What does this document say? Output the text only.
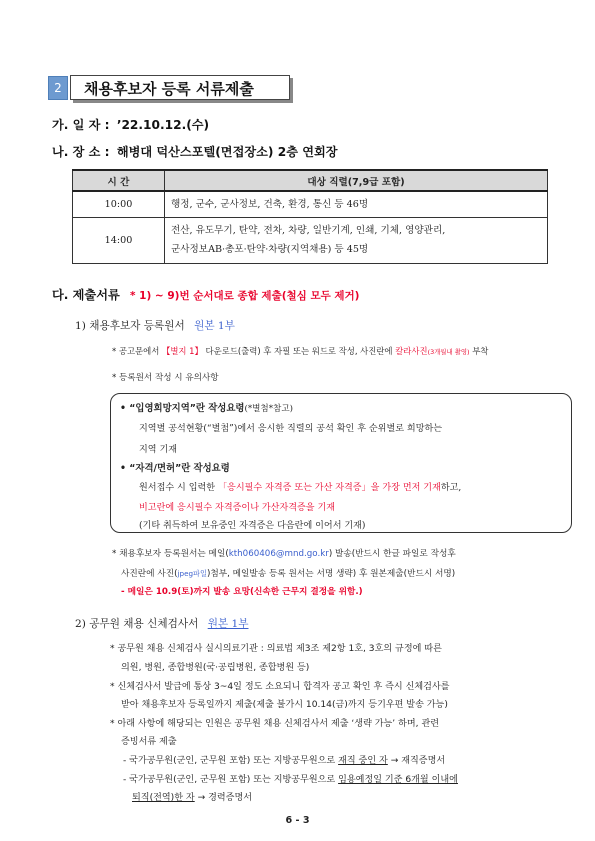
2	채용후보자 등록 서류제출
가. 일 자 : ’22.10.12.(수)
나. 장 소 : 해병대 덕산스포텔(면접장소) 2층 연회장
시 간	대상 직렬(7,9급 포함)
10:00	행정, 군수, 군사정보, 건축, 환경, 통신 등 46명
14:00	전산, 유도무기, 탄약, 전차, 차량, 일반기계, 인쇄, 기체, 영양관리,
군사정보AB·총포·탄약·차량(지역채용) 등 45명
다. 제출서류 * 1) ~ 9)번 순서대로 종합 제출(철심 모두 제거)
1) 채용후보자 등록원서 원본 1부
* 공고문에서 【별지 1】 다운로드(출력) 후 자필 또는 워드로 작성, 사진란에 칼라사진(3개월내 촬영) 부착
* 등록원서 작성 시 유의사항
• “입영희망지역”란 작성요령(*별첨*참고)
지역별 공석현황(“별첨”)에서 응시한 직렬의 공석 확인 후 순위별로 희망하는
지역 기재
• “자격/면허”란 작성요령
원서접수 시 입력한 「응시필수 자격증 또는 가산 자격증」을 가장 먼저 기재하고,
비고란에 응시필수 자격증이나 가산자격증을 기재
(기타 취득하여 보유중인 자격증은 다음란에 이어서 기재)
* 채용후보자 등록원서는 메일(kth060406@mnd.go.kr) 발송(반드시 한글 파일로 작성후
사진란에 사진(jpeg파일)첨부, 메일발송 등록 원서는 서명 생략) 후 원본제출(반드시 서명)
- 메일은 10.9(토)까지 발송 요망(신속한 근무지 결정을 위함.)
2) 공무원 채용 신체검사서 원본 1부
* 공무원 채용 신체검사 실시의료기관 : 의료법 제3조 제2항 1호, 3호의 규정에 따른
의원, 병원, 종합병원(국·공립병원, 종합병원 등)
* 신체검사서 발급에 통상 3~4일 정도 소요되니 합격자 공고 확인 후 즉시 신체검사를
받아 채용후보자 등록일까지 제출(제출 불가시 10.14(금)까지 등기우편 발송 가능)
* 아래 사항에 해당되는 인원은 공무원 채용 신체검사서 제출 ‘생략 가능’ 하며, 관련
증빙서류 제출
- 국가공무원(군인, 군무원 포함) 또는 지방공무원으로 재직 중인 자 → 재직증명서
- 국가공무원(군인, 군무원 포함) 또는 지방공무원으로 임용예정일 기준 6개월 이내에
퇴직(전역)한 자 → 경력증명서
6 - 3
